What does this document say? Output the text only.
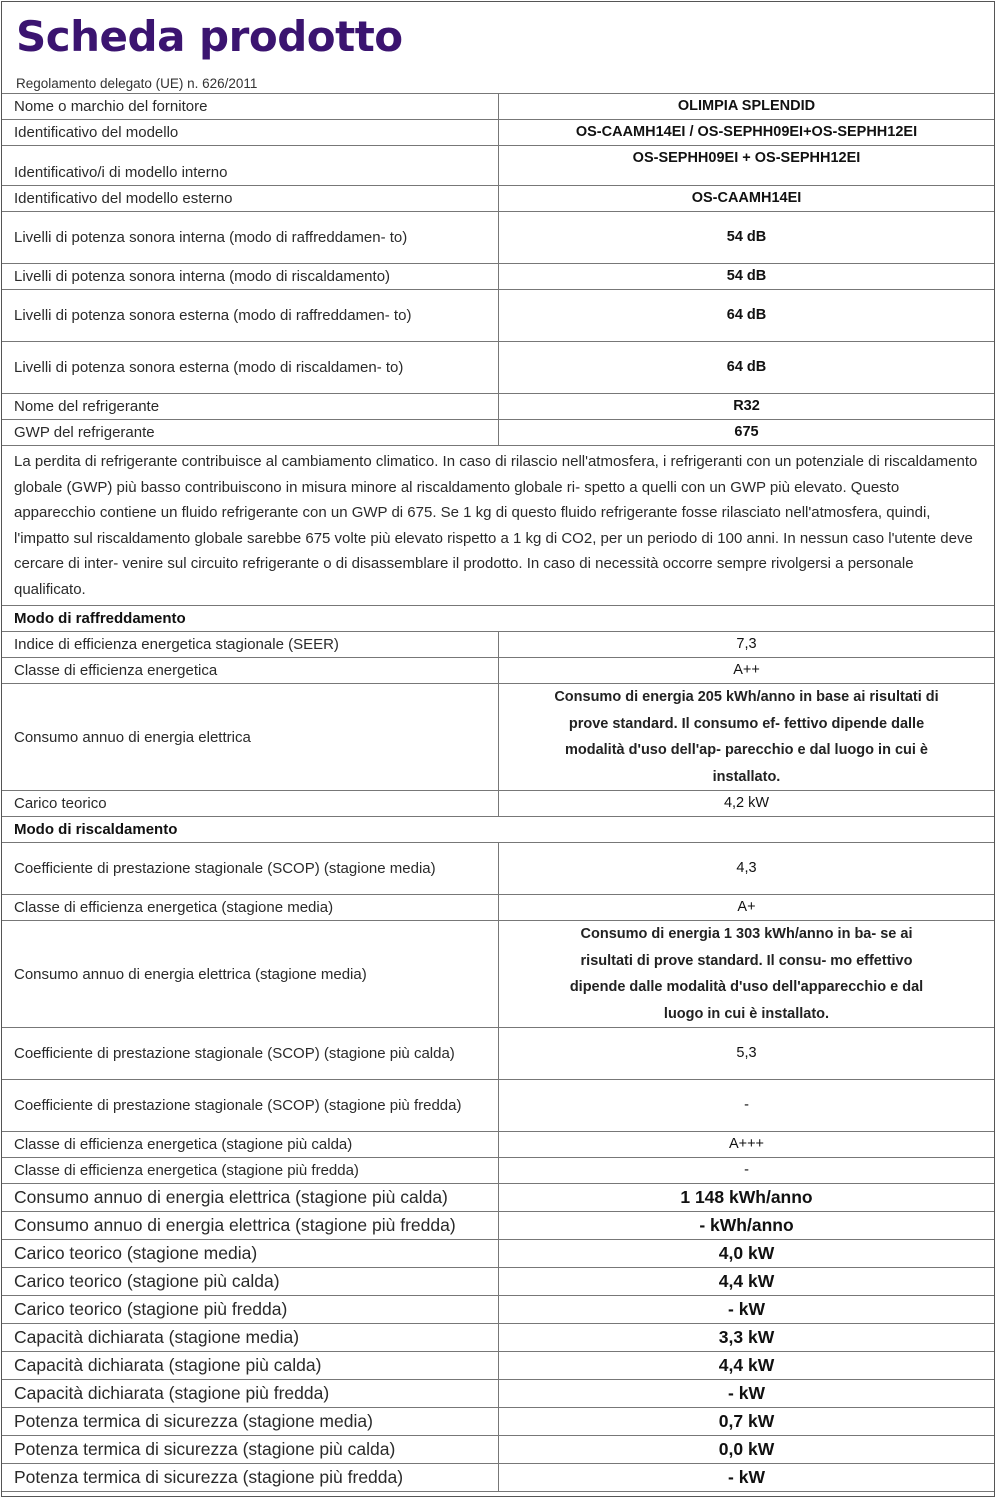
Scheda prodotto
Regolamento delegato (UE) n. 626/2011
Nome o marchio del fornitore	OLIMPIA SPLENDID
Identificativo del modello	OS-CAAMH14EI / OS-SEPHH09EI+OS-SEPHH12EI
Identificativo/i di modello interno	OS-SEPHH09EI + OS-SEPHH12EI
Identificativo del modello esterno	OS-CAAMH14EI
Livelli di potenza sonora interna (modo di raffreddamen- to)	54 dB
Livelli di potenza sonora interna (modo di riscaldamento)	54 dB
Livelli di potenza sonora esterna (modo di raffreddamen- to)	64 dB
Livelli di potenza sonora esterna (modo di riscaldamen- to)	64 dB
Nome del refrigerante	R32
GWP del refrigerante	675
La perdita di refrigerante contribuisce al cambiamento climatico. In caso di rilascio nell'atmosfera, i refrigeranti con un potenziale di riscaldamento globale (GWP) più basso contribuiscono in misura minore al riscaldamento globale ri- spetto a quelli con un GWP più elevato. Questo apparecchio contiene un fluido refrigerante con un GWP di 675. Se 1 kg di questo fluido refrigerante fosse rilasciato nell'atmosfera, quindi, l'impatto sul riscaldamento globale sarebbe 675 volte più elevato rispetto a 1 kg di CO2, per un periodo di 100 anni. In nessun caso l'utente deve cercare di inter- venire sul circuito refrigerante o di disassemblare il prodotto. In caso di necessità occorre sempre rivolgersi a personale qualificato.	
Modo di raffreddamento	
Indice di efficienza energetica stagionale (SEER)	7,3
Classe di efficienza energetica	A++
Consumo annuo di energia elettrica	Consumo di energia 205 kWh/anno in base ai risultati di prove standard. Il consumo ef- fettivo dipende dalle modalità d'uso dell'ap- parecchio e dal luogo in cui è installato.
Carico teorico	4,2 kW
Modo di riscaldamento	
Coefficiente di prestazione stagionale (SCOP) (stagione media)	4,3
Classe di efficienza energetica (stagione media)	A+
Consumo annuo di energia elettrica (stagione media)	Consumo di energia 1 303 kWh/anno in ba- se ai risultati di prove standard. Il consu- mo effettivo dipende dalle modalità d'uso dell'apparecchio e dal luogo in cui è installato.
Coefficiente di prestazione stagionale (SCOP) (stagione più calda)	5,3
Coefficiente di prestazione stagionale (SCOP) (stagione più fredda)	-
Classe di efficienza energetica (stagione più calda)	A+++
Classe di efficienza energetica (stagione più fredda)	-
Consumo annuo di energia elettrica (stagione più calda)	1 148 kWh/anno
Consumo annuo di energia elettrica (stagione più fredda)	- kWh/anno
Carico teorico (stagione media)	4,0 kW
Carico teorico (stagione più calda)	4,4 kW
Carico teorico (stagione più fredda)	- kW
Capacità dichiarata (stagione media)	3,3 kW
Capacità dichiarata (stagione più calda)	4,4 kW
Capacità dichiarata (stagione più fredda)	- kW
Potenza termica di sicurezza (stagione media)	0,7 kW
Potenza termica di sicurezza (stagione più calda)	0,0 kW
Potenza termica di sicurezza (stagione più fredda)	- kW
